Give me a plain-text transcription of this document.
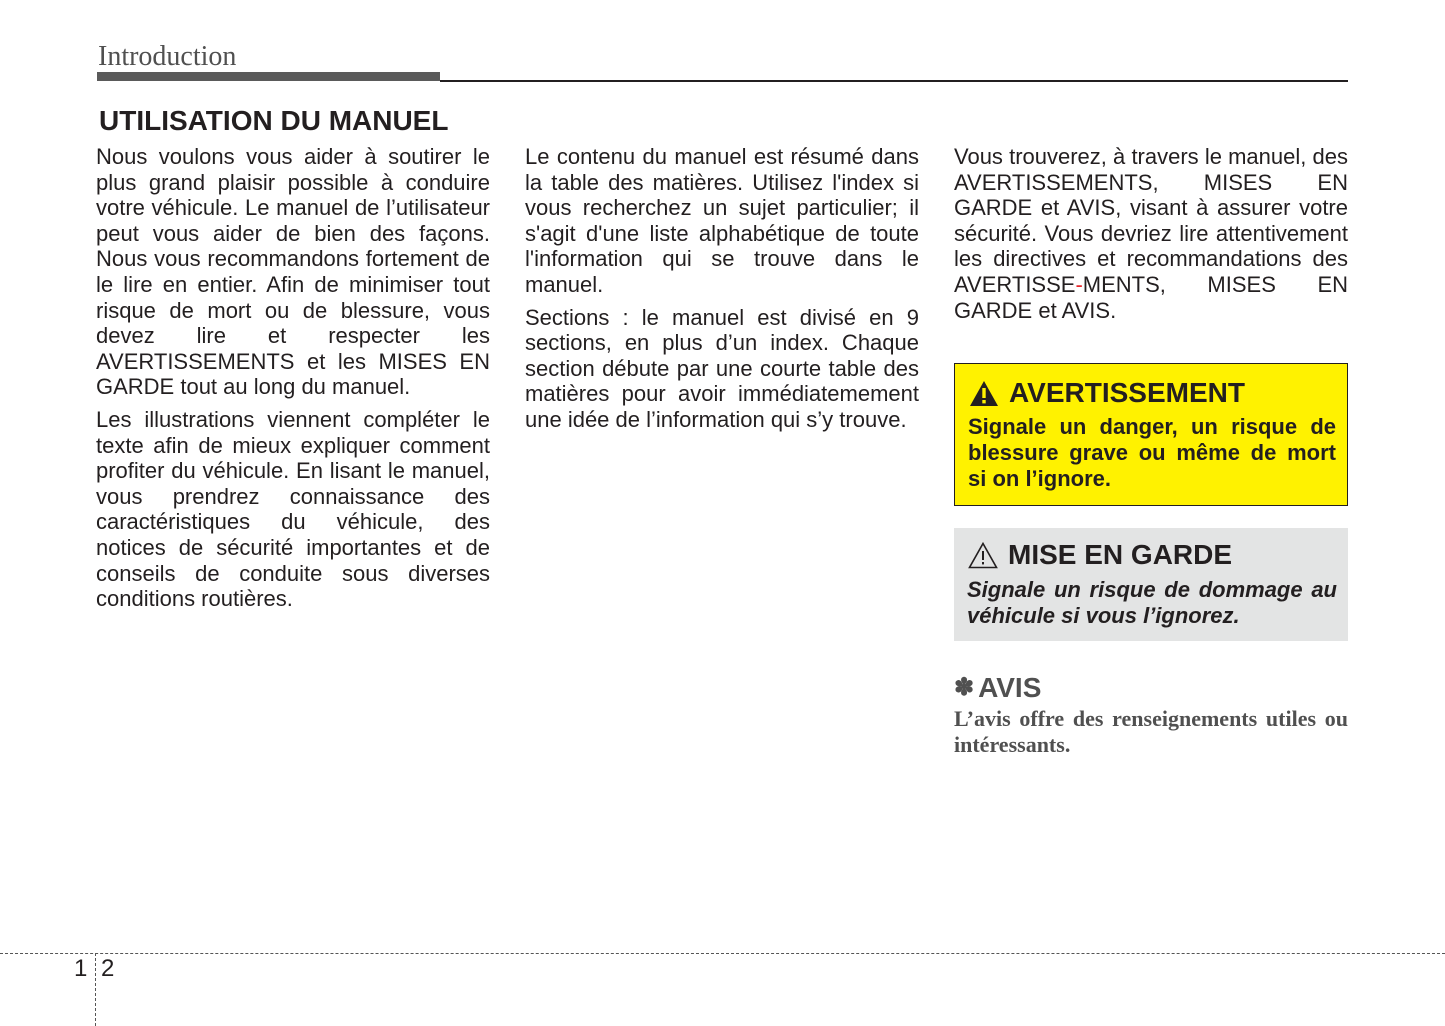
Introduction
UTILISATION DU MANUEL

Nous voulons vous aider à soutirer le plus grand plaisir possible à conduire votre véhicule. Le manuel de l’utilisateur peut vous aider de bien des façons. Nous vous recommandons fortement de le lire en entier. Afin de minimiser tout risque de mort ou de blessure, vous devez lire et respecter les AVERTISSEMENTS et les MISES EN GARDE tout au long du manuel.

Les illustrations viennent compléter le texte afin de mieux expliquer comment profiter du véhicule. En lisant le manuel, vous prendrez connaissance des caractéristiques du véhicule, des notices de sécurité importantes et de conseils de conduite sous diverses conditions routières.

Le contenu du manuel est résumé dans la table des matières. Utilisez l'index si vous recherchez un sujet particulier; il s'agit d'une liste alphabétique de toute l'information qui se trouve dans le manuel.

Sections : le manuel est divisé en 9 sections, en plus d’un index. Chaque section débute par une courte table des matières pour avoir immédiatemement une idée de l’information qui s’y trouve.

Vous trouverez, à travers le manuel, des AVERTISSEMENTS, MISES EN GARDE et AVIS, visant à assurer votre sécurité. Vous devriez lire attentivement les directives et recommandations des AVERTISSE-MENTS, MISES EN GARDE et AVIS.

AVERTISSEMENT
Signale un danger, un risque de blessure grave ou même de mort si on l’ignore.
MISE EN GARDE
Signale un risque de dommage au véhicule si vous l’ignorez.
✽ AVIS
L’avis offre des renseignements utiles ou intéressants.
1 2
